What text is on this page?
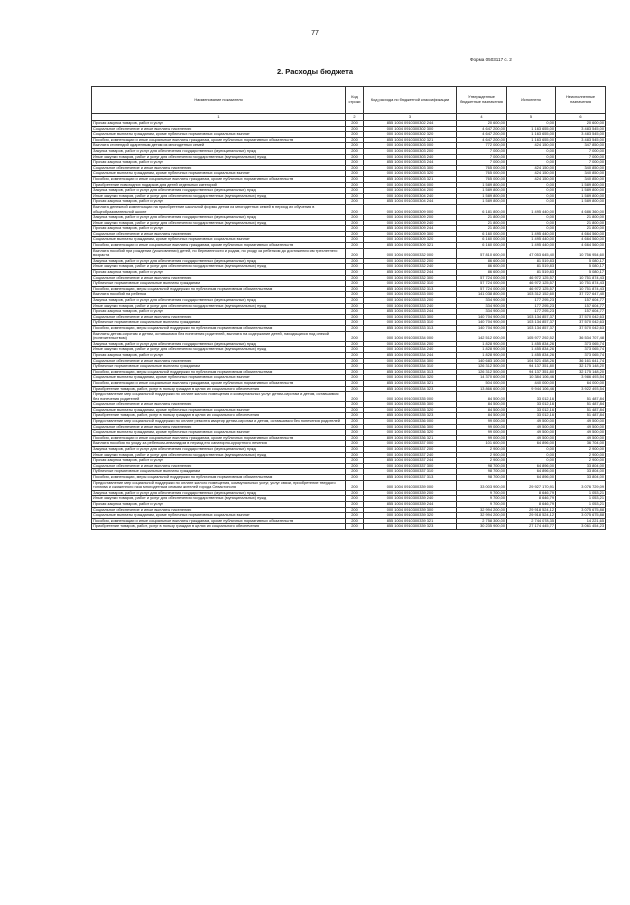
77
Форма 0503117 с. 2
2. Расходы бюджета
Наименование показателя	Код строки	Код расхода по бюджетной классификации	Утвержденные бюджетные назначения	Исполнено	Неисполненные назначения
1	2	3	4	5	6
Прочая закупка товаров, работ и услуг	200	855 1004 0910300302 244	20 600,00	0,00	20 600,00
Социальное обеспечение и иные выплаты населению	200	000 1004 0910300302 300	4 647 200,00	1 163 655,00	3 483 545,00
Социальные выплаты гражданам, кроме публичных нормативных социальных выплат	200	000 1004 0910300302 320	4 647 200,00	1 163 655,00	3 483 545,00
Пособия, компенсации и иные социальные выплаты гражданам, кроме публичных нормативных обязательств	200	855 1004 0910300302 321	4 647 200,00	1 163 655,00	3 483 545,00
Выплата стипендий одаренным детям из многодетных семей	200	000 1004 0910300303 000	772 000,00	424 150,00	347 850,00
Закупка товаров, работ и услуг для обеспечения государственных (муниципальных) нужд	200	000 1004 0910300303 200	7 000,00	0,00	7 000,00
Иные закупки товаров, работ и услуг для обеспечения государственных (муниципальных) нужд	200	000 1004 0910300303 240	7 000,00	0,00	7 000,00
Прочая закупка товаров, работ и услуг	200	855 1004 0910300303 244	7 000,00	0,00	7 000,00
Социальное обеспечение и иные выплаты населению	200	000 1004 0910300303 300	765 000,00	424 150,00	340 850,00
Социальные выплаты гражданам, кроме публичных нормативных социальных выплат	200	000 1004 0910300303 320	765 000,00	424 150,00	340 850,00
Пособия, компенсации и иные социальные выплаты гражданам, кроме публичных нормативных обязательств	200	855 1004 0910300303 321	765 000,00	424 150,00	340 850,00
Приобретение новогодних подарков для детей отдельных категорий	200	000 1004 0910300304 000	1 589 800,00	0,00	1 589 800,00
Закупка товаров, работ и услуг для обеспечения государственных (муниципальных) нужд	200	000 1004 0910300304 200	1 589 800,00	0,00	1 589 800,00
Иные закупки товаров, работ и услуг для обеспечения государственных (муниципальных) нужд	200	000 1004 0910300304 240	1 589 800,00	0,00	1 589 800,00
Прочая закупка товаров, работ и услуг	200	855 1004 0910300304 244	1 589 800,00	0,00	1 589 800,00
Выплата денежной компенсации на приобретение школьной формы детям из многодетных семей в период их обучения в общеобразовательной школе	200	000 1004 0910300309 000	6 181 800,00	1 495 440,00	4 686 360,00
Закупка товаров, работ и услуг для обеспечения государственных (муниципальных) нужд	200	000 1004 0910300309 200	21 800,00	0,00	21 800,00
Иные закупки товаров, работ и услуг для обеспечения государственных (муниципальных) нужд	200	000 1004 0910300309 240	21 800,00	0,00	21 800,00
Прочая закупка товаров, работ и услуг	200	855 1004 0910300309 244	21 800,00	0,00	21 800,00
Социальное обеспечение и иные выплаты населению	200	000 1004 0910300309 300	6 160 000,00	1 495 440,00	4 664 560,00
Социальные выплаты гражданам, кроме публичных нормативных социальных выплат	200	000 1004 0910300309 320	6 160 000,00	1 495 440,00	4 664 560,00
Пособия, компенсации и иные социальные выплаты гражданам, кроме публичных нормативных обязательств	200	855 1004 0910300309 321	6 160 000,00	1 495 440,00	4 664 560,00
Выплата пособий при рождении (усыновлении) детей, по беременности и родам, по уходу за ребенком до достижения им трехлетнего возраста	200	000 1004 0910300332 000	57 810 600,00	47 053 645,40	10 756 954,60
Закупка товаров, работ и услуг для обеспечения государственных (муниципальных) нужд	200	000 1004 0910300332 200	86 600,00	81 519,83	5 080,17
Иные закупки товаров, работ и услуг для обеспечения государственных (муниципальных) нужд	200	000 1004 0910300332 240	86 600,00	81 519,83	5 080,17
Прочая закупка товаров, работ и услуг	200	855 1004 0910300332 244	86 600,00	81 519,83	5 080,17
Социальное обеспечение и иные выплаты населению	200	000 1004 0910300332 300	57 724 000,00	46 972 125,57	10 751 874,43
Публичные нормативные социальные выплаты гражданам	200	000 1004 0910300332 310	57 724 000,00	46 972 125,57	10 751 874,43
Пособия, компенсации, меры социальной поддержки по публичным нормативным обязательствам	200	855 1004 0910300332 313	57 724 000,00	46 972 125,57	10 751 874,43
Выплата пособий на ребенка	200	000 1004 0910300333 000	141 038 800,00	103 312 152,60	37 727 647,40
Закупка товаров, работ и услуг для обеспечения государственных (муниципальных) нужд	200	000 1004 0910300333 200	334 900,00	177 295,23	157 604,77
Иные закупки товаров, работ и услуг для обеспечения государственных (муниципальных) нужд	200	000 1004 0910300333 240	334 900,00	177 295,23	157 604,77
Прочая закупка товаров, работ и услуг	200	855 1004 0910300333 244	334 900,00	177 295,23	157 604,77
Социальное обеспечение и иные выплаты населению	200	000 1004 0910300333 300	140 704 900,00	103 134 857,37	37 570 042,63
Публичные нормативные социальные выплаты гражданам	200	000 1004 0910300333 310	140 704 900,00	103 134 857,37	37 570 042,63
Пособия, компенсации, меры социальной поддержки по публичным нормативным обязательствам	200	855 1004 0910300333 313	140 704 900,00	103 134 857,37	37 570 042,63
Выплаты детям-сиротам и детям, оставшимся без попечения родителей, выплата на содержание детей, находящихся под опекой (попечительством)	200	000 1004 0910300334 000	142 512 000,00	105 977 292,52	36 534 707,48
Закупка товаров, работ и услуг для обеспечения государственных (муниципальных) нужд	200	000 1004 0910300334 200	1 828 900,00	1 455 834,26	373 065,74
Иные закупки товаров, работ и услуг для обеспечения государственных (муниципальных) нужд	200	000 1004 0910300334 240	1 828 900,00	1 455 834,26	373 065,74
Прочая закупка товаров, работ и услуг	200	855 1004 0910300334 244	1 828 900,00	1 455 834,26	373 065,74
Социальное обеспечение и иные выплаты населению	200	000 1004 0910300334 300	140 683 100,00	104 521 458,26	36 161 641,74
Публичные нормативные социальные выплаты гражданам	200	000 1004 0910300334 310	126 312 500,00	94 137 351,80	32 175 148,20
Пособия, компенсации, меры социальной поддержки по публичным нормативным обязательствам	200	855 1004 0910300334 313	126 312 500,00	94 137 351,80	32 175 148,20
Социальные выплаты гражданам, кроме публичных нормативных социальных выплат	200	000 1004 0910300334 320	14 370 600,00	10 384 106,46	3 986 493,54
Пособия, компенсации и иные социальные выплаты гражданам, кроме публичных нормативных обязательств	200	855 1004 0910300334 321	504 000,00	440 000,00	64 000,00
Приобретение товаров, работ, услуг в пользу граждан в целях их социального обеспечения	200	855 1004 0910300334 323	13 866 600,00	9 944 106,46	3 922 493,54
Предоставление мер социальной поддержки по оплате жилого помещения и коммунальных услуг детям-сиротам и детям, оставшимся без попечения родителей	200	000 1004 0910300335 000	84 500,00	33 012,16	51 487,84
Социальное обеспечение и иные выплаты населению	200	000 1004 0910300335 300	84 500,00	33 012,16	51 487,84
Социальные выплаты гражданам, кроме публичных нормативных социальных выплат	200	000 1004 0910300335 320	84 500,00	33 012,16	51 487,84
Приобретение товаров, работ, услуг в пользу граждан в целях их социального обеспечения	200	855 1004 0910300335 323	84 500,00	33 012,16	51 487,84
Предоставление мер социальной поддержки по оплате ремонта квартир детям-сиротам и детям, оставшимся без попечения родителей	200	000 1004 0910300336 000	99 000,00	49 500,00	49 500,00
Социальное обеспечение и иные выплаты населению	200	000 1004 0910300336 300	99 000,00	49 500,00	49 500,00
Социальные выплаты гражданам, кроме публичных нормативных социальных выплат	200	000 1004 0910300336 320	99 000,00	49 500,00	49 500,00
Пособия, компенсации и иные социальные выплаты гражданам, кроме публичных нормативных обязательств	200	809 1004 0910300336 321	99 000,00	49 500,00	49 500,00
Выплата пособия по уходу за ребенком-инвалидом в период его санаторно-курортного лечения	200	000 1004 0910300337 000	101 600,00	64 896,00	36 704,00
Закупка товаров, работ и услуг для обеспечения государственных (муниципальных) нужд	200	000 1004 0910300337 200	2 900,00	0,00	2 900,00
Иные закупки товаров, работ и услуг для обеспечения государственных (муниципальных) нужд	200	000 1004 0910300337 240	2 900,00	0,00	2 900,00
Прочая закупка товаров, работ и услуг	200	855 1004 0910300337 244	2 900,00	0,00	2 900,00
Социальное обеспечение и иные выплаты населению	200	000 1004 0910300337 300	98 700,00	64 896,00	33 804,00
Публичные нормативные социальные выплаты гражданам	200	000 1004 0910300337 310	98 700,00	64 896,00	33 804,00
Пособия, компенсации, меры социальной поддержки по публичным нормативным обязательствам	200	855 1004 0910300337 313	98 700,00	64 896,00	33 804,00
Предоставление мер социальной поддержки по оплате жилого помещения, коммунальных услуг, услуг связи, приобретение твердого топлива и сжиженного газа многодетным семьям жителей города Севастополя	200	000 1004 0910300339 000	33 003 900,00	29 927 170,91	3 076 729,09
Закупка товаров, работ и услуг для обеспечения государственных (муниципальных) нужд	200	000 1004 0910300339 200	9 700,00	8 646,79	1 053,21
Иные закупки товаров, работ и услуг для обеспечения государственных (муниципальных) нужд	200	000 1004 0910300339 240	9 700,00	8 646,79	1 053,21
Прочая закупка товаров, работ и услуг	200	855 1004 0910300339 244	9 700,00	8 646,79	1 053,21
Социальное обеспечение и иные выплаты населению	200	000 1004 0910300339 300	32 994 200,00	29 918 524,12	3 075 675,88
Социальные выплаты гражданам, кроме публичных нормативных социальных выплат	200	000 1004 0910300339 320	32 994 200,00	29 918 524,12	3 075 675,88
Пособия, компенсации и иные социальные выплаты гражданам, кроме публичных нормативных обязательств	200	855 1004 0910300339 321	2 758 300,00	2 744 078,35	14 221,65
Приобретение товаров, работ, услуг в пользу граждан в целях их социального обеспечения	200	855 1004 0910300339 323	30 235 900,00	27 174 445,77	3 061 454,23
